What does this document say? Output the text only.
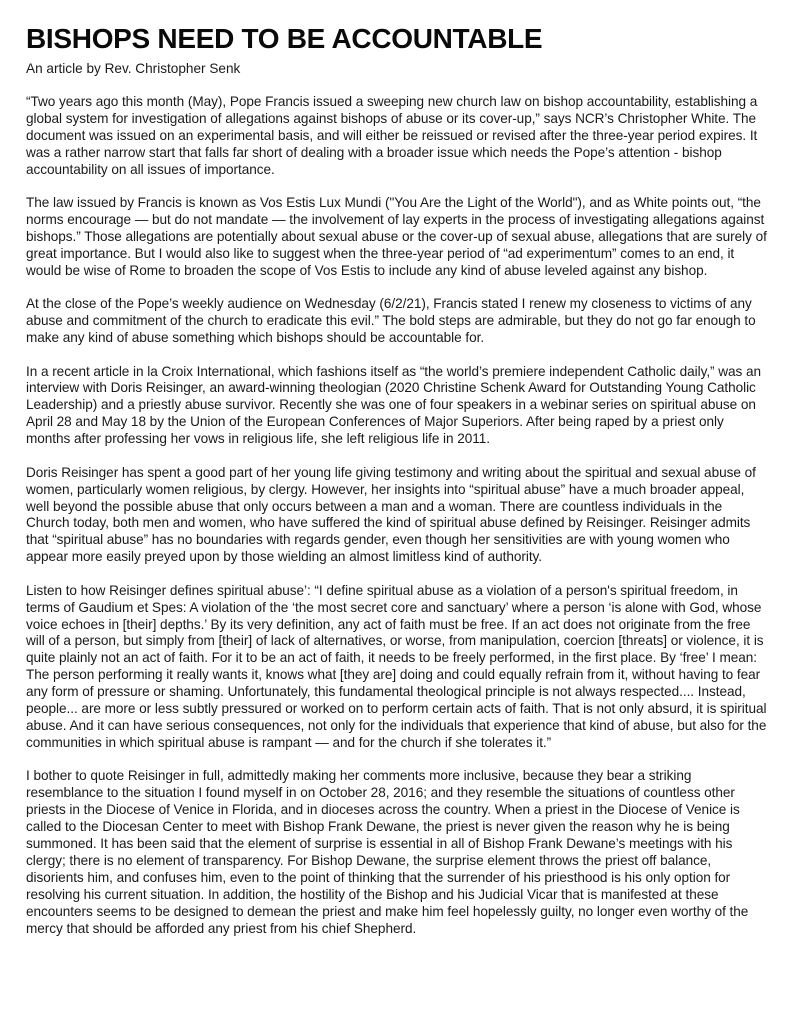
BISHOPS NEED TO BE ACCOUNTABLE

An article by Rev. Christopher Senk

“Two years ago this month (May), Pope Francis issued a sweeping new church law on bishop accountability, establishing a global system for investigation of allegations against bishops of abuse or its cover-up,” says NCR’s Christopher White. The document was issued on an experimental basis, and will either be reissued or revised after the three-year period expires. It was a rather narrow start that falls far short of dealing with a broader issue which needs the Pope’s attention - bishop accountability on all issues of importance.

The law issued by Francis is known as Vos Estis Lux Mundi ("You Are the Light of the World"), and as White points out, “the norms encourage — but do not mandate — the involvement of lay experts in the process of investigating allegations against bishops.” Those allegations are potentially about sexual abuse or the cover-up of sexual abuse, allegations that are surely of great importance. But I would also like to suggest when the three-year period of “ad experimentum” comes to an end, it would be wise of Rome to broaden the scope of Vos Estis to include any kind of abuse leveled against any bishop.

At the close of the Pope’s weekly audience on Wednesday (6/2/21), Francis stated I renew my closeness to victims of any abuse and commitment of the church to eradicate this evil.” The bold steps are admirable, but they do not go far enough to make any kind of abuse something which bishops should be accountable for.

In a recent article in la Croix International, which fashions itself as “the world’s premiere independent Catholic daily,” was an interview with Doris Reisinger, an award-winning theologian (2020 Christine Schenk Award for Outstanding Young Catholic Leadership) and a priestly abuse survivor. Recently she was one of four speakers in a webinar series on spiritual abuse on April 28 and May 18 by the Union of the European Conferences of Major Superiors. After being raped by a priest only months after professing her vows in religious life, she left religious life in 2011.

Doris Reisinger has spent a good part of her young life giving testimony and writing about the spiritual and sexual abuse of women, particularly women religious, by clergy. However, her insights into “spiritual abuse” have a much broader appeal, well beyond the possible abuse that only occurs between a man and a woman. There are countless individuals in the Church today, both men and women, who have suffered the kind of spiritual abuse defined by Reisinger. Reisinger admits that “spiritual abuse” has no boundaries with regards gender, even though her sensitivities are with young women who appear more easily preyed upon by those wielding an almost limitless kind of authority.

Listen to how Reisinger defines spiritual abuse’: “I define spiritual abuse as a violation of a person's spiritual freedom, in terms of Gaudium et Spes: A violation of the ‘the most secret core and sanctuary’ where a person ‘is alone with God, whose voice echoes in [their] depths.’ By its very definition, any act of faith must be free. If an act does not originate from the free will of a person, but simply from [their] of lack of alternatives, or worse, from manipulation, coercion [threats] or violence, it is quite plainly not an act of faith. For it to be an act of faith, it needs to be freely performed, in the first place. By ‘free’ I mean: The person performing it really wants it, knows what [they are] doing and could equally refrain from it, without having to fear any form of pressure or shaming. Unfortunately, this fundamental theological principle is not always respected.... Instead, people... are more or less subtly pressured or worked on to perform certain acts of faith. That is not only absurd, it is spiritual abuse. And it can have serious consequences, not only for the individuals that experience that kind of abuse, but also for the communities in which spiritual abuse is rampant — and for the church if she tolerates it.”

I bother to quote Reisinger in full, admittedly making her comments more inclusive, because they bear a striking resemblance to the situation I found myself in on October 28, 2016; and they resemble the situations of countless other priests in the Diocese of Venice in Florida, and in dioceses across the country. When a priest in the Diocese of Venice is called to the Diocesan Center to meet with Bishop Frank Dewane, the priest is never given the reason why he is being summoned. It has been said that the element of surprise is essential in all of Bishop Frank Dewane’s meetings with his clergy; there is no element of transparency. For Bishop Dewane, the surprise element throws the priest off balance, disorients him, and confuses him, even to the point of thinking that the surrender of his priesthood is his only option for resolving his current situation. In addition, the hostility of the Bishop and his Judicial Vicar that is manifested at these encounters seems to be designed to demean the priest and make him feel hopelessly guilty, no longer even worthy of the mercy that should be afforded any priest from his chief Shepherd.
